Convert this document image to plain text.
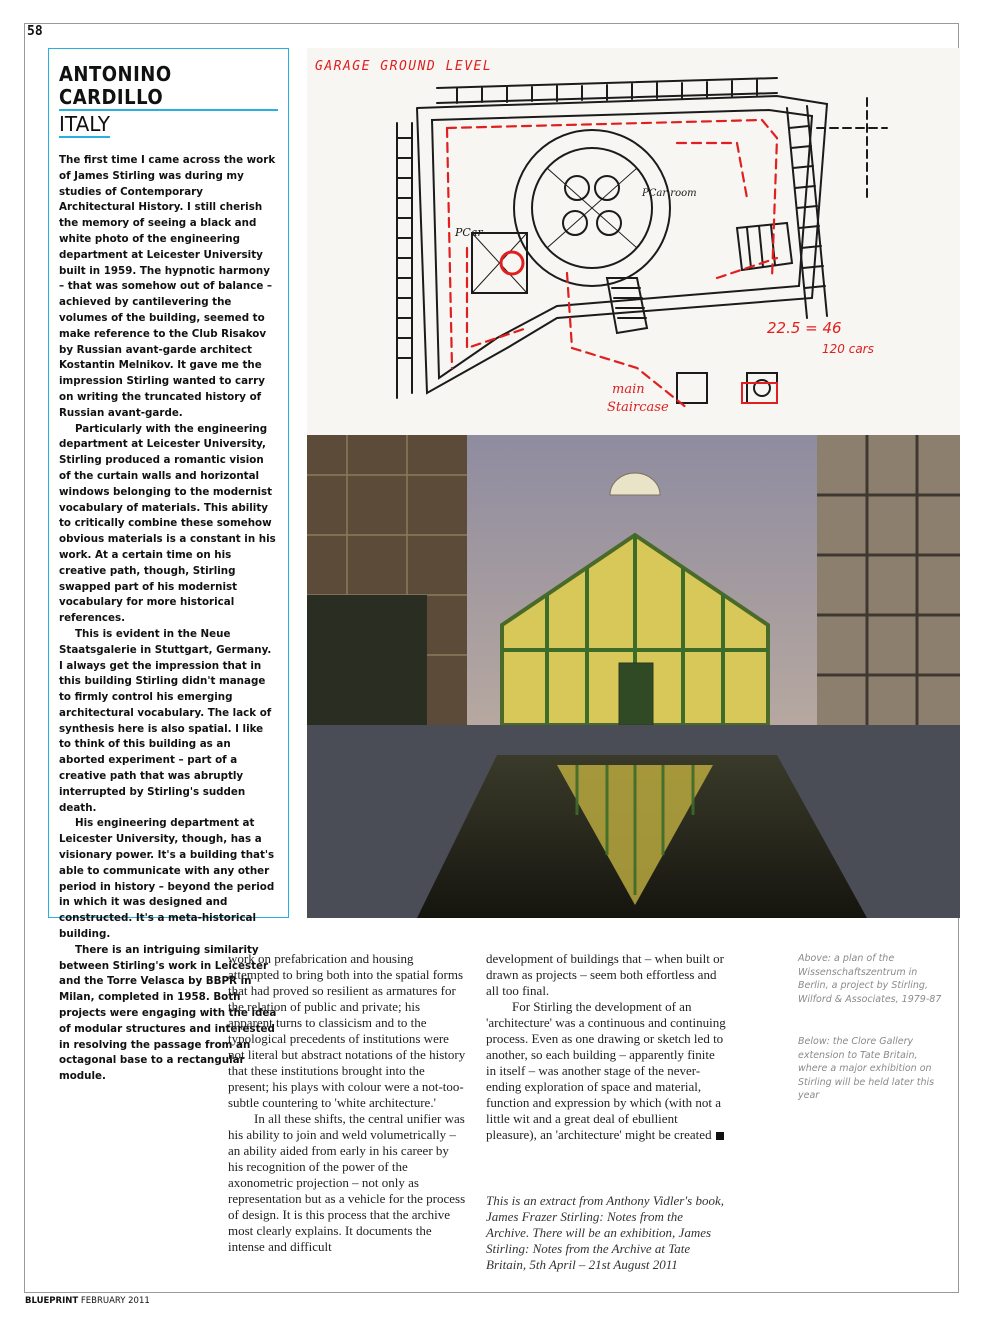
58
ANTONINO CARDILLO
ITALY

The first time I came across the work of James Stirling was during my studies of Contemporary Architectural History. I still cherish the memory of seeing a black and white photo of the engineering department at Leicester University built in 1959. The hypnotic harmony – that was somehow out of balance – achieved by cantilevering the volumes of the building, seemed to make reference to the Club Risakov by Russian avant-garde architect Kostantin Melnikov. It gave me the impression Stirling wanted to carry on writing the truncated history of Russian avant-garde.

Particularly with the engineering department at Leicester University, Stirling produced a romantic vision of the curtain walls and horizontal windows belonging to the modernist vocabulary of materials. This ability to critically combine these somehow obvious materials is a constant in his work. At a certain time on his creative path, though, Stirling swapped part of his modernist vocabulary for more historical references.

This is evident in the Neue Staatsgalerie in Stuttgart, Germany. I always get the impression that in this building Stirling didn't manage to firmly control his emerging architectural vocabulary. The lack of synthesis here is also spatial. I like to think of this building as an aborted experiment – part of a creative path that was abruptly interrupted by Stirling's sudden death.

His engineering department at Leicester University, though, has a visionary power. It's a building that's able to communicate with any other period in history – beyond the period in which it was designed and constructed. It's a meta-historical building.

There is an intriguing similarity between Stirling's work in Leicester and the Torre Velasca by BBPR in Milan, completed in 1958. Both projects were engaging with the idea of modular structures and interested in resolving the passage from an octagonal base to a rectangular module.

GARAGE GROUND LEVEL
PCar
PCar room
22.5 = 46
120 cars
main
Staircase

work on prefabrication and housing attempted to bring both into the spatial forms that had proved so resilient as armatures for the relation of public and private; his apparent turns to classicism and to the typological precedents of institutions were not literal but abstract notations of the history that these institutions brought into the present; his plays with colour were a not-too-subtle countering to 'white architecture.'

In all these shifts, the central unifier was his ability to join and weld volumetrically – an ability aided from early in his career by his recognition of the power of the axonometric projection – not only as representation but as a vehicle for the process of design. It is this process that the archive most clearly explains. It documents the intense and difficult

development of buildings that – when built or drawn as projects – seem both effortless and all too final.

For Stirling the development of an 'architecture' was a continuous and continuing process. Even as one drawing or sketch led to another, so each building – apparently finite in itself – was another stage of the never-ending exploration of space and material, function and expression by which (with not a little wit and a great deal of ebullient pleasure), an 'architecture' might be created

This is an extract from Anthony Vidler's book, James Frazer Stirling: Notes from the Archive. There will be an exhibition, James Stirling: Notes from the Archive at Tate Britain, 5th April – 21st August 2011
Above: a plan of the Wissenschaftszentrum in Berlin, a project by Stirling, Wilford & Associates, 1979-87
Below: the Clore Gallery extension to Tate Britain, where a major exhibition on Stirling will be held later this year
BLUEPRINT FEBRUARY 2011
